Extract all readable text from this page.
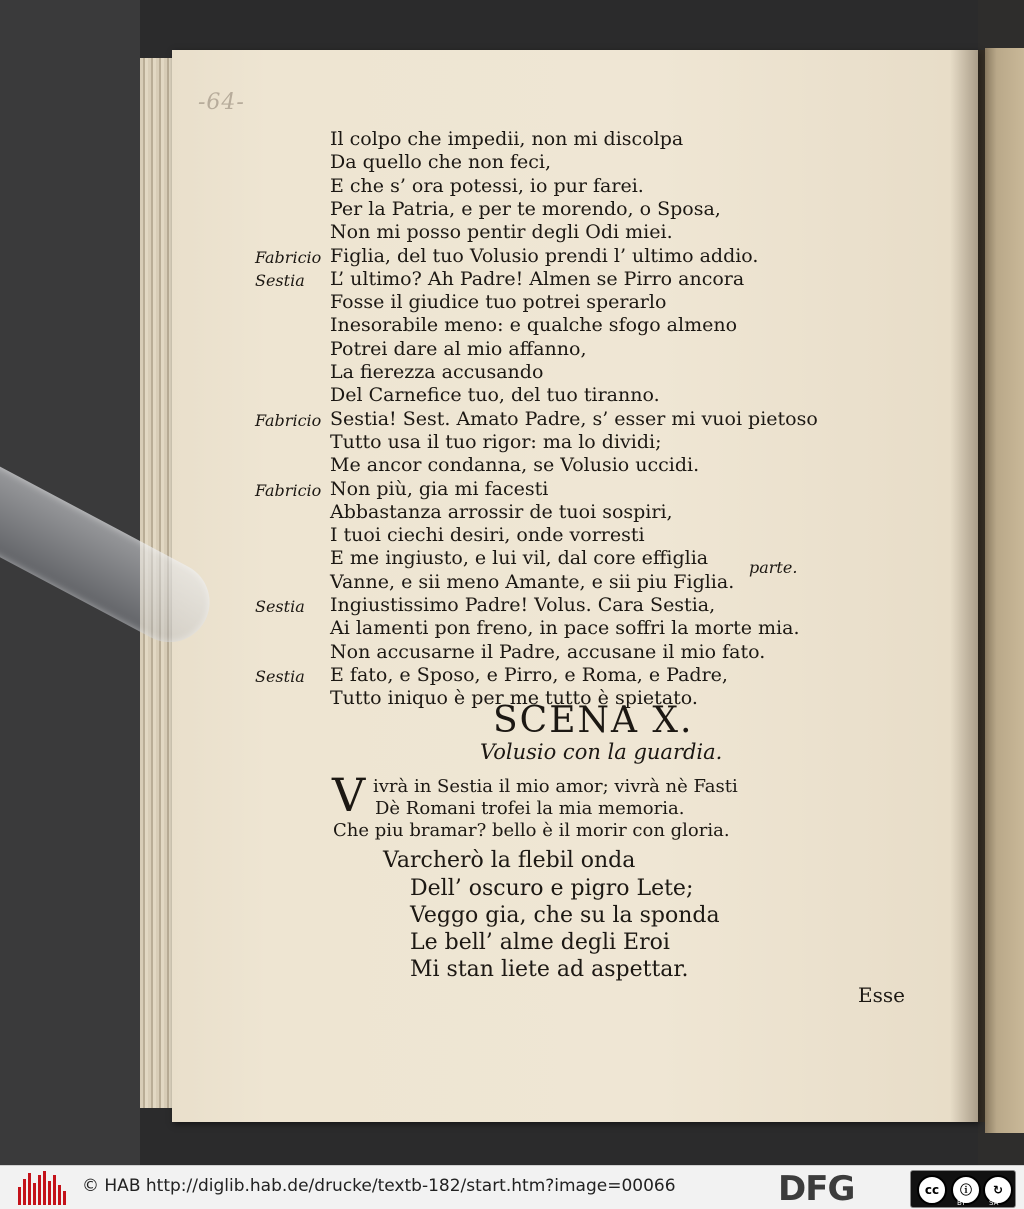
-64-
Il colpo che impedii, non mi discolpa
Da quello che non feci,
E che s’ ora potessi, io pur farei.
Per la Patria, e per te morendo, o Sposa,
Non mi posso pentir degli Odi miei.
Fabricio Figlia, del tuo Volusio prendi l’ ultimo addio.
Sestia L’ ultimo? Ah Padre! Almen se Pirro ancora
Fosse il giudice tuo potrei sperarlo
Inesorabile meno: e qualche sfogo almeno
Potrei dare al mio affanno,
La fierezza accusando
Del Carnefice tuo, del tuo tiranno.
Fabricio Sestia! Sest. Amato Padre, s’ esser mi vuoi pietoso
Tutto usa il tuo rigor: ma lo dividi;
Me ancor condanna, se Volusio uccidi.
Fabricio Non più, gia mi facesti
Abbastanza arrossir de tuoi sospiri,
I tuoi ciechi desiri, onde vorresti
E me ingiusto, e lui vil, dal core effiglia
Vanne, e sii meno Amante, e sii piu Figlia.
Sestia Ingiustissimo Padre! Volus. Cara Sestia,
Ai lamenti pon freno, in pace soffri la morte mia.
Non accusarne il Padre, accusane il mio fato.
Sestia E fato, e Sposo, e Pirro, e Roma, e Padre,
Tutto iniquo è per me tutto è spietato.
parte.
SCENA X.
Volusio con la guardia.
V ivrà in Sestia il mio amor; vivrà nè Fasti
Dè Romani trofei la mia memoria.
Che piu bramar? bello è il morir con gloria.
Varcherò la flebil onda
Dell’ oscuro e pigro Lete;
Veggo gia, che su la sponda
Le bell’ alme degli Eroi
Mi stan liete ad aspettar.
Esse
© HAB http://diglib.hab.de/drucke/textb-182/start.htm?image=00066	DFG	cc	ⓘ	↻
BY	SA
